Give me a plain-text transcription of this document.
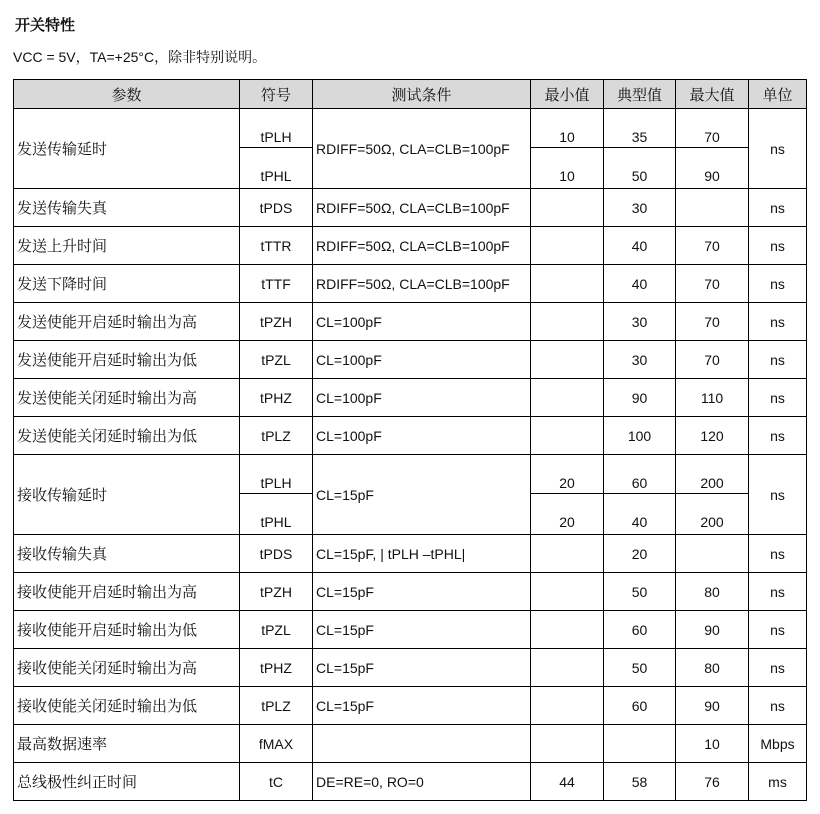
开关特性
VCC = 5V，TA=+25°C，除非特别说明。
参数	符号	测试条件	最小值	典型值	最大值	单位
发送传输延时	tPLH	RDIFF=50Ω, CLA=CLB=100pF	10	35	70	ns
	tPHL		10	50	90	
发送传输失真	tPDS	RDIFF=50Ω, CLA=CLB=100pF		30		ns
发送上升时间	tTTR	RDIFF=50Ω, CLA=CLB=100pF		40	70	ns
发送下降时间	tTTF	RDIFF=50Ω, CLA=CLB=100pF		40	70	ns
发送使能开启延时输出为高	tPZH	CL=100pF		30	70	ns
发送使能开启延时输出为低	tPZL	CL=100pF		30	70	ns
发送使能关闭延时输出为高	tPHZ	CL=100pF		90	110	ns
发送使能关闭延时输出为低	tPLZ	CL=100pF		100	120	ns
接收传输延时	tPLH	CL=15pF	20	60	200	ns
	tPHL		20	40	200	
接收传输失真	tPDS	CL=15pF, | tPLH –tPHL|		20		ns
接收使能开启延时输出为高	tPZH	CL=15pF		50	80	ns
接收使能开启延时输出为低	tPZL	CL=15pF		60	90	ns
接收使能关闭延时输出为高	tPHZ	CL=15pF		50	80	ns
接收使能关闭延时输出为低	tPLZ	CL=15pF		60	90	ns
最高数据速率	fMAX				10	Mbps
总线极性纠正时间	tC	DE=RE=0, RO=0	44	58	76	ms
